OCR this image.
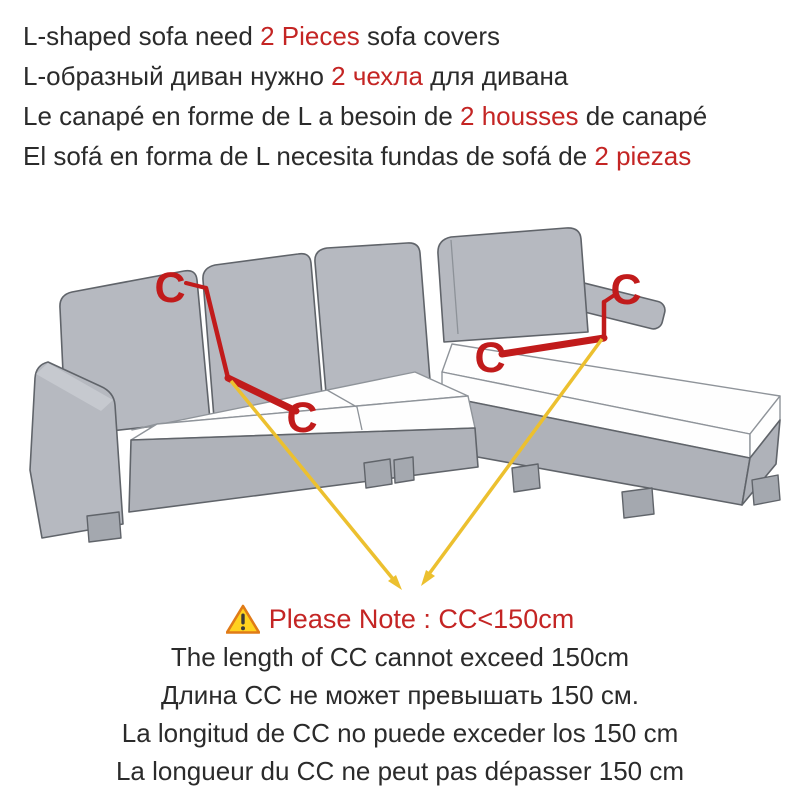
L-shaped sofa need 2 Pieces sofa covers
L-образный диван нужно 2 чехла для дивана
Le canapé en forme de L a besoin de 2 housses de canapé
El sofá en forma de L necesita fundas de sofá de 2 piezas
C
C
C
C
Please Note : CC<150cm
The length of CC cannot exceed 150cm
Длина CC не может превышать 150 см.
La longitud de CC no puede exceder los 150 cm
La longueur du CC ne peut pas dépasser 150 cm
